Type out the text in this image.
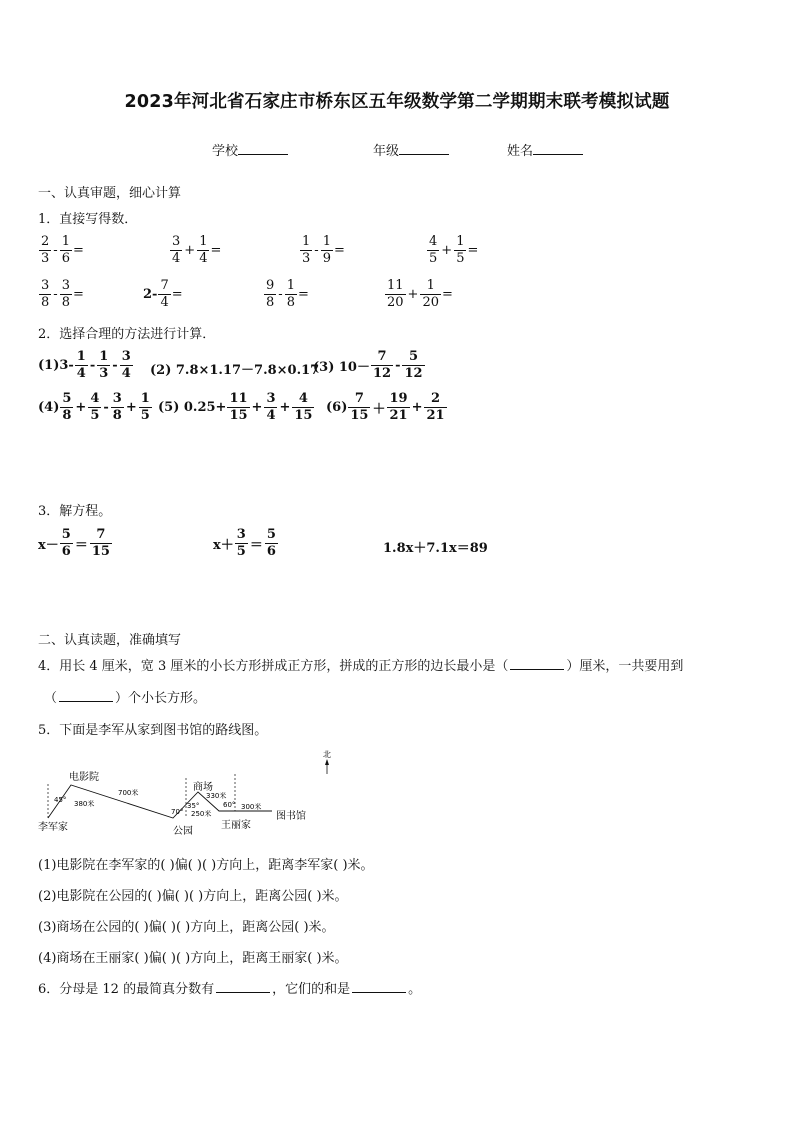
2023年河北省石家庄市桥东区五年级数学第二学期期末联考模拟试题
学校	年级	姓名
一、认真审题，细心计算
1．直接写得数．
$\frac{2}{3} - \frac{1}{6}$ =	$\frac{3}{4} + \frac{1}{4}$ =	$\frac{1}{3} - \frac{1}{9}$ =	$\frac{4}{5} + \frac{1}{5}$ =
$\frac{3}{8} - \frac{3}{8}$ =	$2- \frac{7}{4}$ =	$\frac{9}{8} - \frac{1}{8}$ =	$\frac{11}{20} + \frac{1}{20}$ =
2．选择合理的方法进行计算．
$(1)3- \frac{1}{4} - \frac{1}{3} - \frac{3}{4} (2)$ 7.8×1.17－7.8×0.17
(3) $10- \frac{7}{12} - \frac{5}{12}$
$(4) \frac{5}{8} + \frac{4}{5} - \frac{3}{8} + \frac{1}{5} (5)$ $0.25+ \frac{11}{15} + \frac{3}{4} + \frac{4}{15} (6) \frac{7}{15} + \frac{19}{21} + \frac{2}{21}$
3．解方程。
$x- \frac{5}{6} = \frac{7}{15}$	$x+ \frac{3}{5} = \frac{5}{6}$	1.8x＋7.1x＝89
二、认真读题，准确填写
4．用长 4 厘米，宽 3 厘米的小长方形拼成正方形，拼成的正方形的边长最小是（	）厘米，一共要用到
（	）个小长方形。
5．下面是李军从家到图书馆的路线图。
北
李军家
电影院
公园
商场
王丽家
图书馆
45° 380米
700米
70°
35°
250米
330米
60° 300米
(1)电影院在李军家的( )偏( )( )方向上，距离李军家( )米。
(2)电影院在公园的( )偏( )( )方向上，距离公园( )米。
(3)商场在公园的( )偏( )( )方向上，距离公园( )米。
(4)商场在王丽家( )偏( )( )方向上，距离王丽家( )米。
6．分母是 12 的最简真分数有	，它们的和是	。
